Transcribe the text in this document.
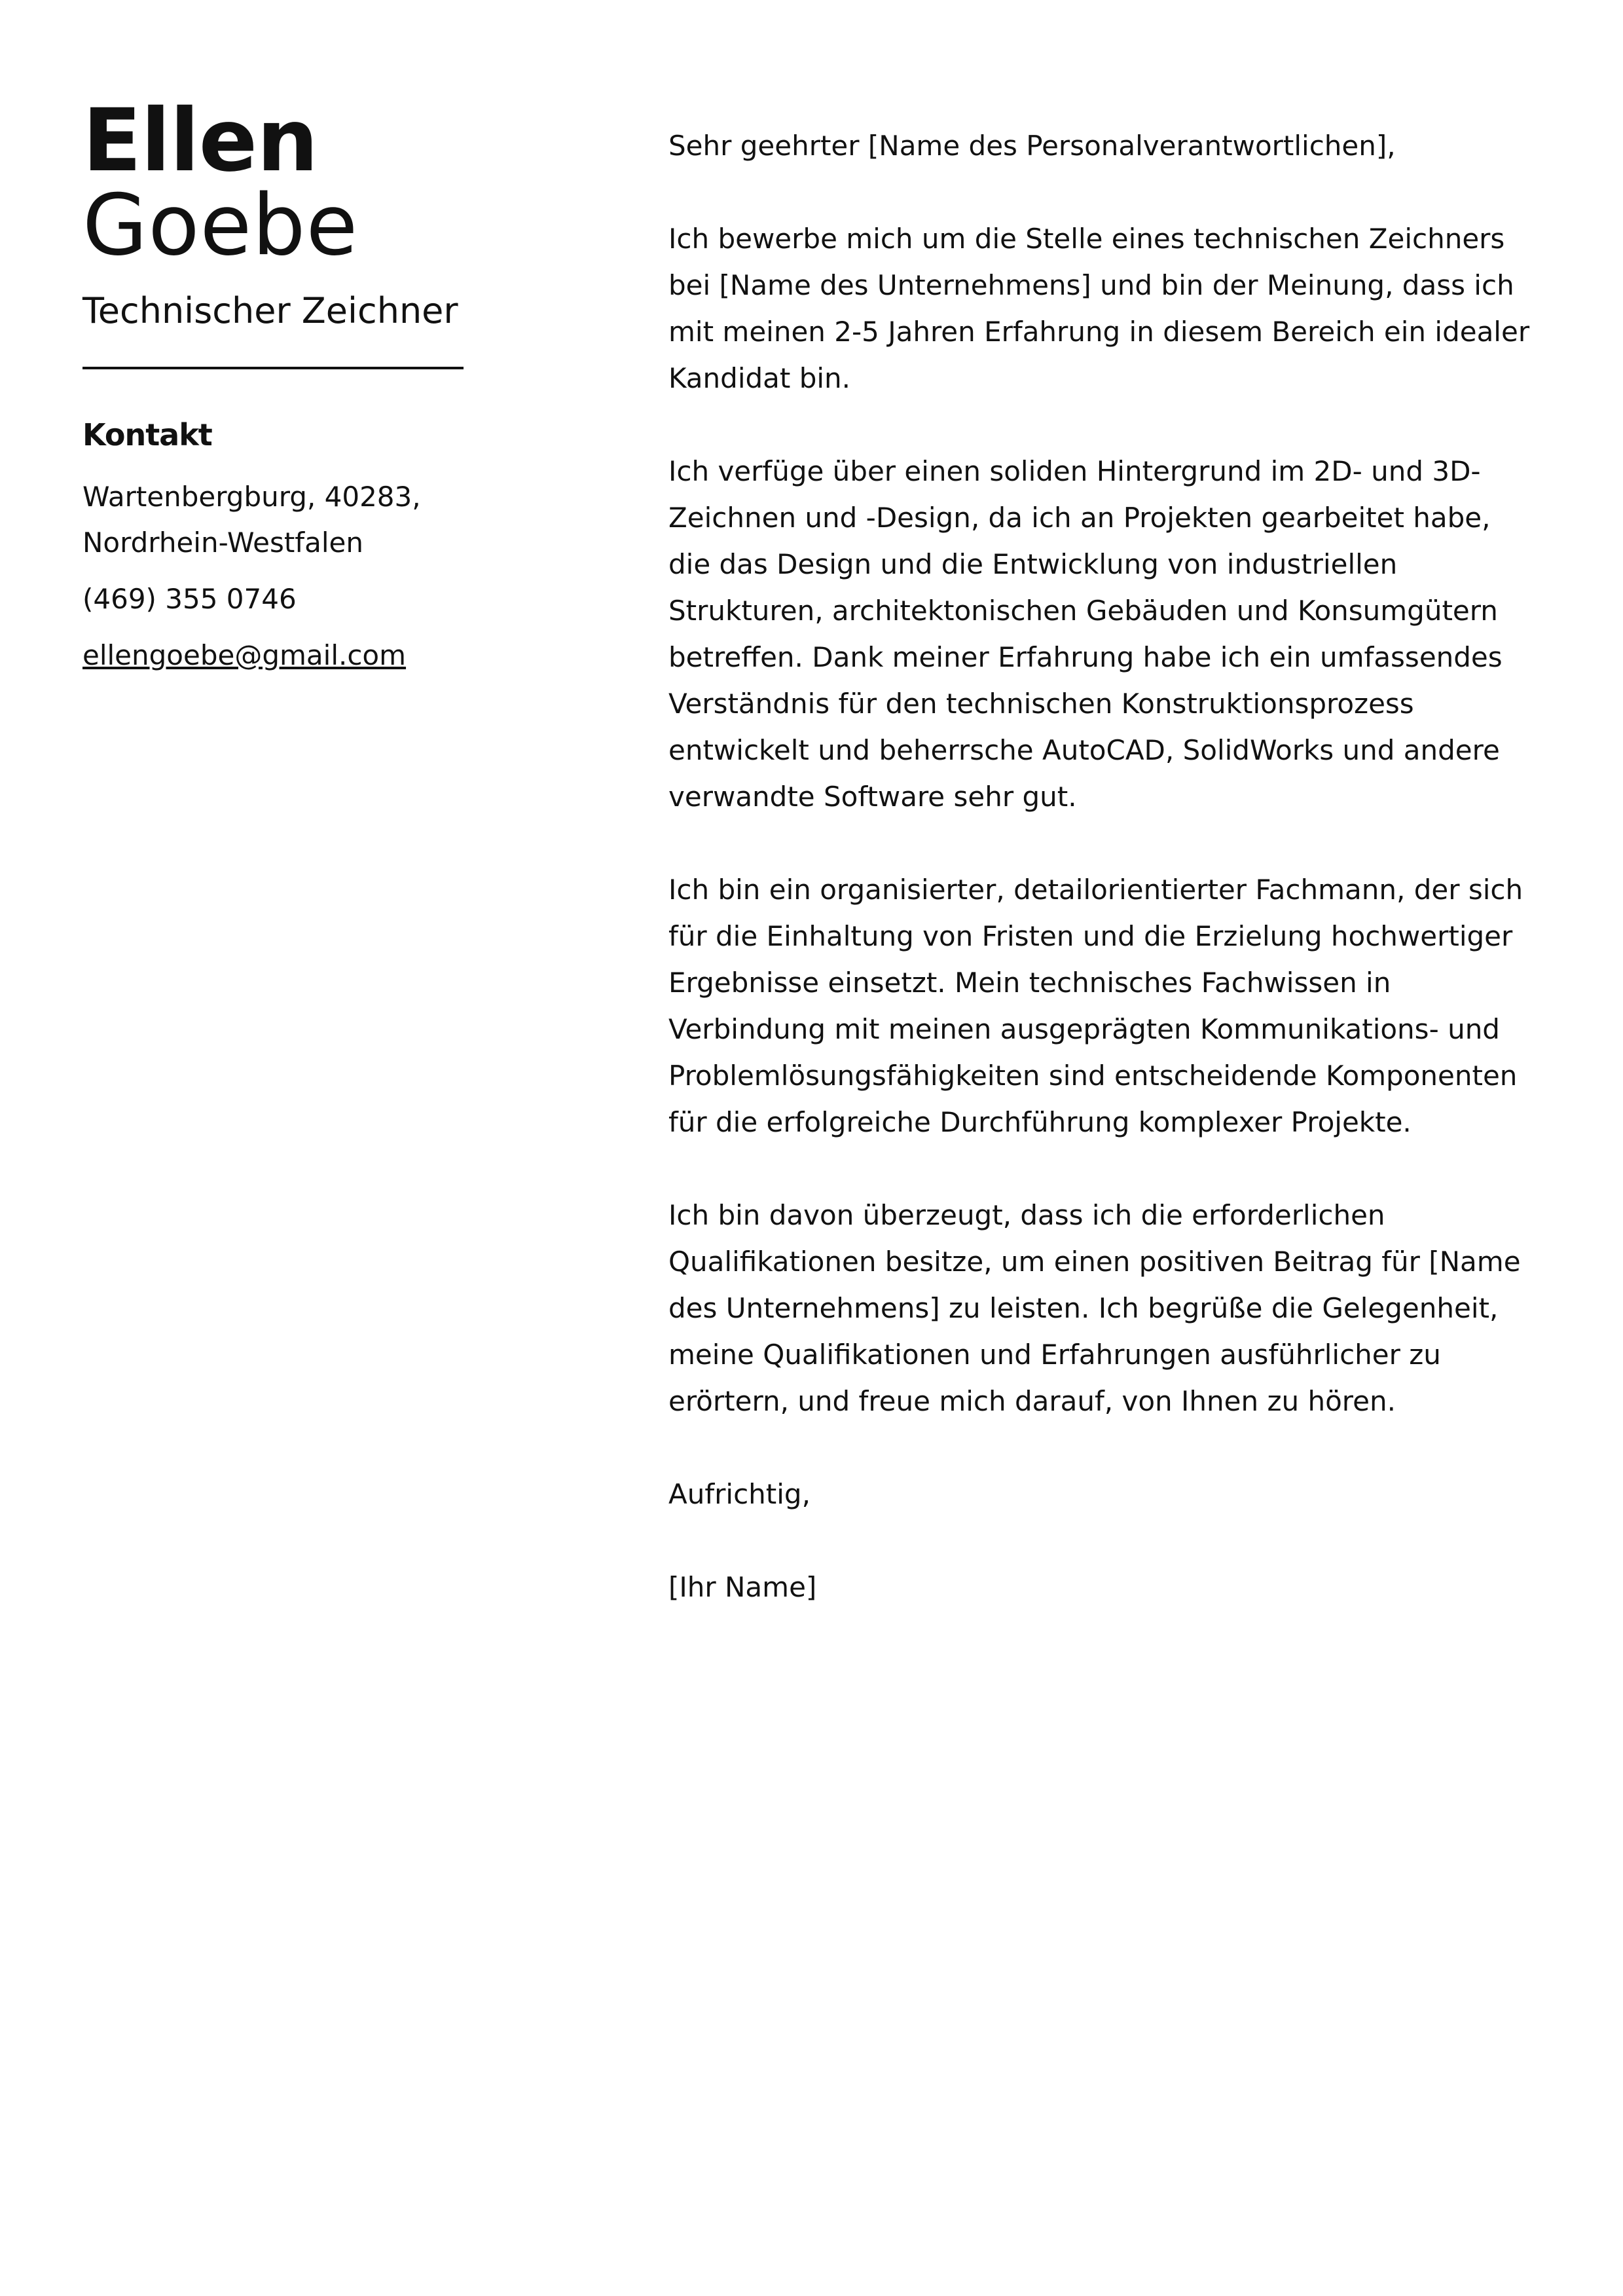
Ellen
Goebe
Technischer Zeichner
Kontakt
Wartenbergburg, 40283,
Nordrhein-Westfalen
(469) 355 0746
ellengoebe@gmail.com

Sehr geehrter [Name des Personalverantwortlichen],

Ich bewerbe mich um die Stelle eines technischen Zeichners bei [Name des Unternehmens] und bin der Meinung, dass ich mit meinen 2-5 Jahren Erfahrung in diesem Bereich ein idealer Kandidat bin.

Ich verfüge über einen soliden Hintergrund im 2D- und 3D-Zeichnen und -Design, da ich an Projekten gearbeitet habe, die das Design und die Entwicklung von industriellen Strukturen, architektonischen Gebäuden und Konsumgütern betreffen. Dank meiner Erfahrung habe ich ein umfassendes Verständnis für den technischen Konstruktionsprozess entwickelt und beherrsche AutoCAD, SolidWorks und andere verwandte Software sehr gut.

Ich bin ein organisierter, detailorientierter Fachmann, der sich für die Einhaltung von Fristen und die Erzielung hochwertiger Ergebnisse einsetzt. Mein technisches Fachwissen in Verbindung mit meinen ausgeprägten Kommunikations- und Problemlösungsfähigkeiten sind entscheidende Komponenten für die erfolgreiche Durchführung komplexer Projekte.

Ich bin davon überzeugt, dass ich die erforderlichen Qualifikationen besitze, um einen positiven Beitrag für [Name des Unternehmens] zu leisten. Ich begrüße die Gelegenheit, meine Qualifikationen und Erfahrungen ausführlicher zu erörtern, und freue mich darauf, von Ihnen zu hören.

Aufrichtig,

[Ihr Name]
